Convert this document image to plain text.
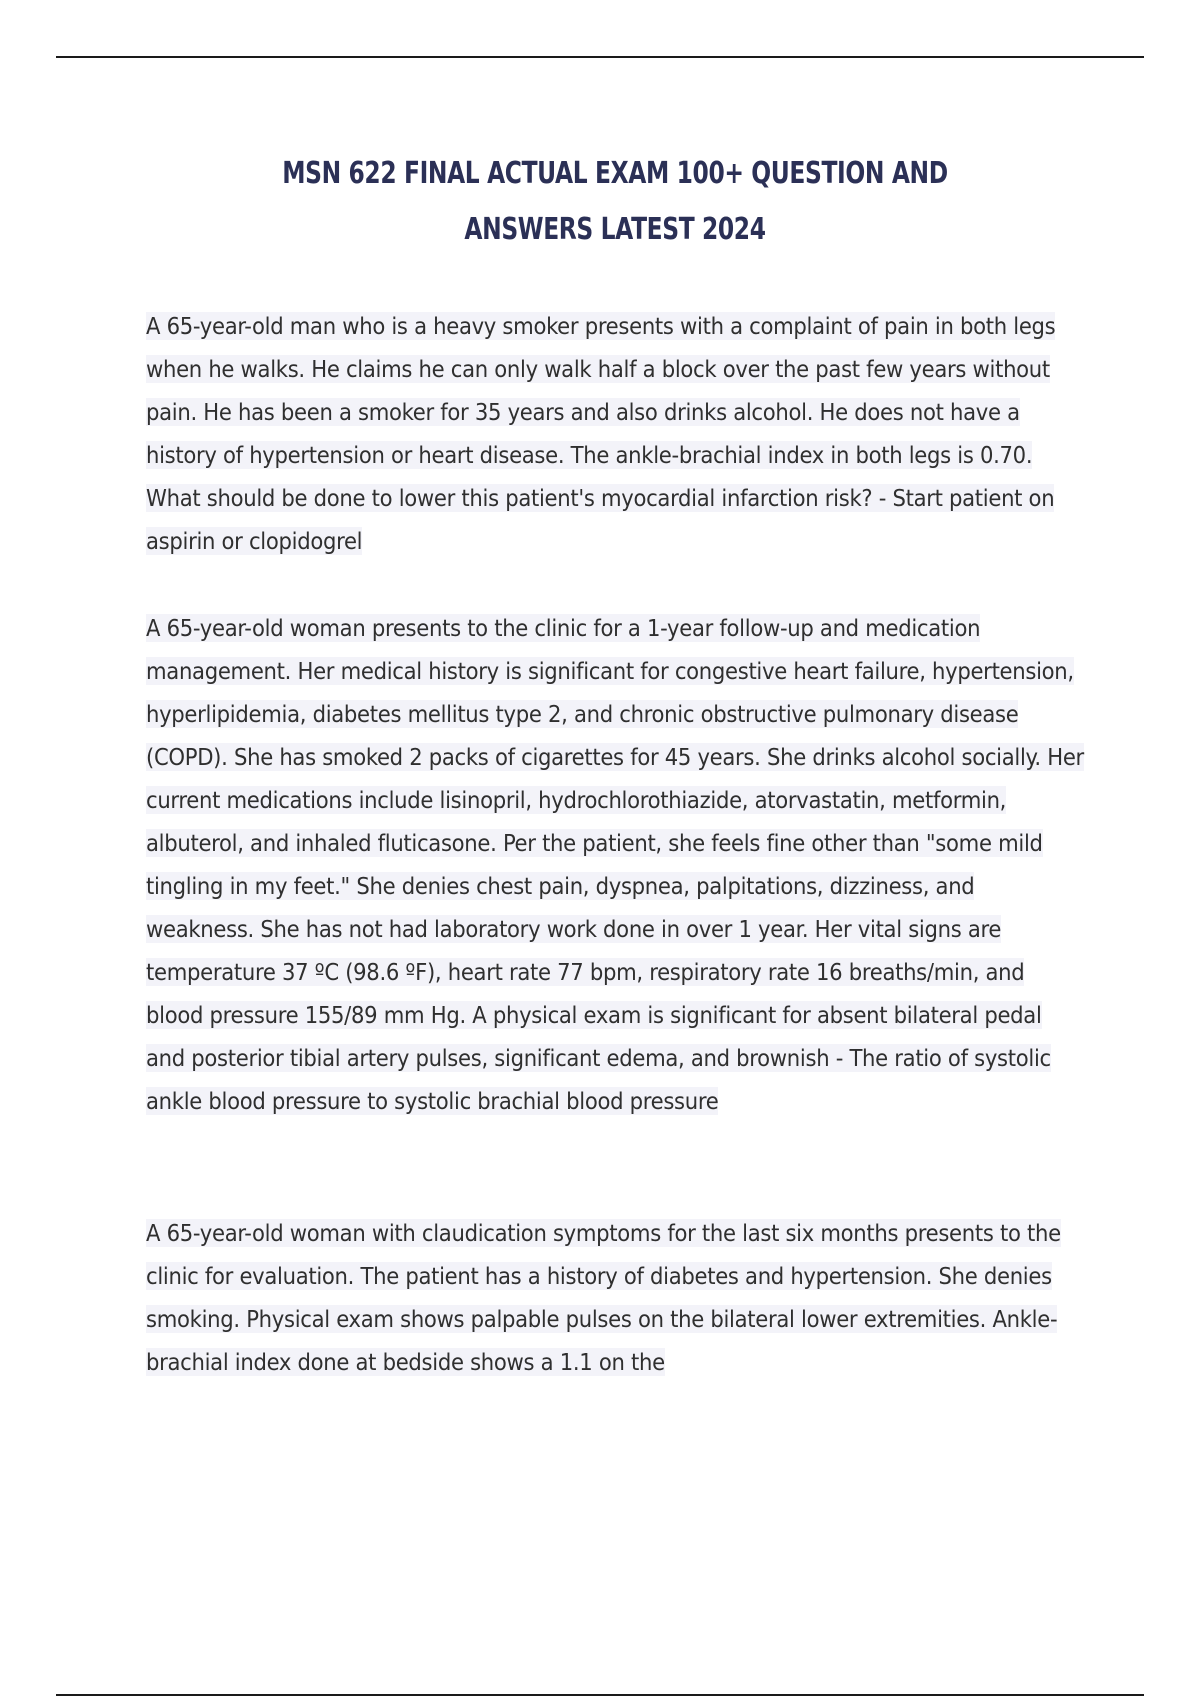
MSN 622 FINAL ACTUAL EXAM 100+ QUESTION AND ANSWERS LATEST 2024

A 65-year-old man who is a heavy smoker presents with a complaint of pain in both legs when he walks. He claims he can only walk half a block over the past few years without pain. He has been a smoker for 35 years and also drinks alcohol. He does not have a history of hypertension or heart disease. The ankle-brachial index in both legs is 0.70. What should be done to lower this patient's myocardial infarction risk? - Start patient on aspirin or clopidogrel

A 65-year-old woman presents to the clinic for a 1-year follow-up and medication management. Her medical history is significant for congestive heart failure, hypertension, hyperlipidemia, diabetes mellitus type 2, and chronic obstructive pulmonary disease (COPD). She has smoked 2 packs of cigarettes for 45 years. She drinks alcohol socially. Her current medications include lisinopril, hydrochlorothiazide, atorvastatin, metformin, albuterol, and inhaled fluticasone. Per the patient, she feels fine other than "some mild tingling in my feet." She denies chest pain, dyspnea, palpitations, dizziness, and weakness. She has not had laboratory work done in over 1 year. Her vital signs are temperature 37 ºC (98.6 ºF), heart rate 77 bpm, respiratory rate 16 breaths/min, and blood pressure 155/89 mm Hg. A physical exam is significant for absent bilateral pedal and posterior tibial artery pulses, significant edema, and brownish - The ratio of systolic ankle blood pressure to systolic brachial blood pressure

A 65-year-old woman with claudication symptoms for the last six months presents to the clinic for evaluation. The patient has a history of diabetes and hypertension. She denies smoking. Physical exam shows palpable pulses on the bilateral lower extremities. Ankle-brachial index done at bedside shows a 1.1 on the
